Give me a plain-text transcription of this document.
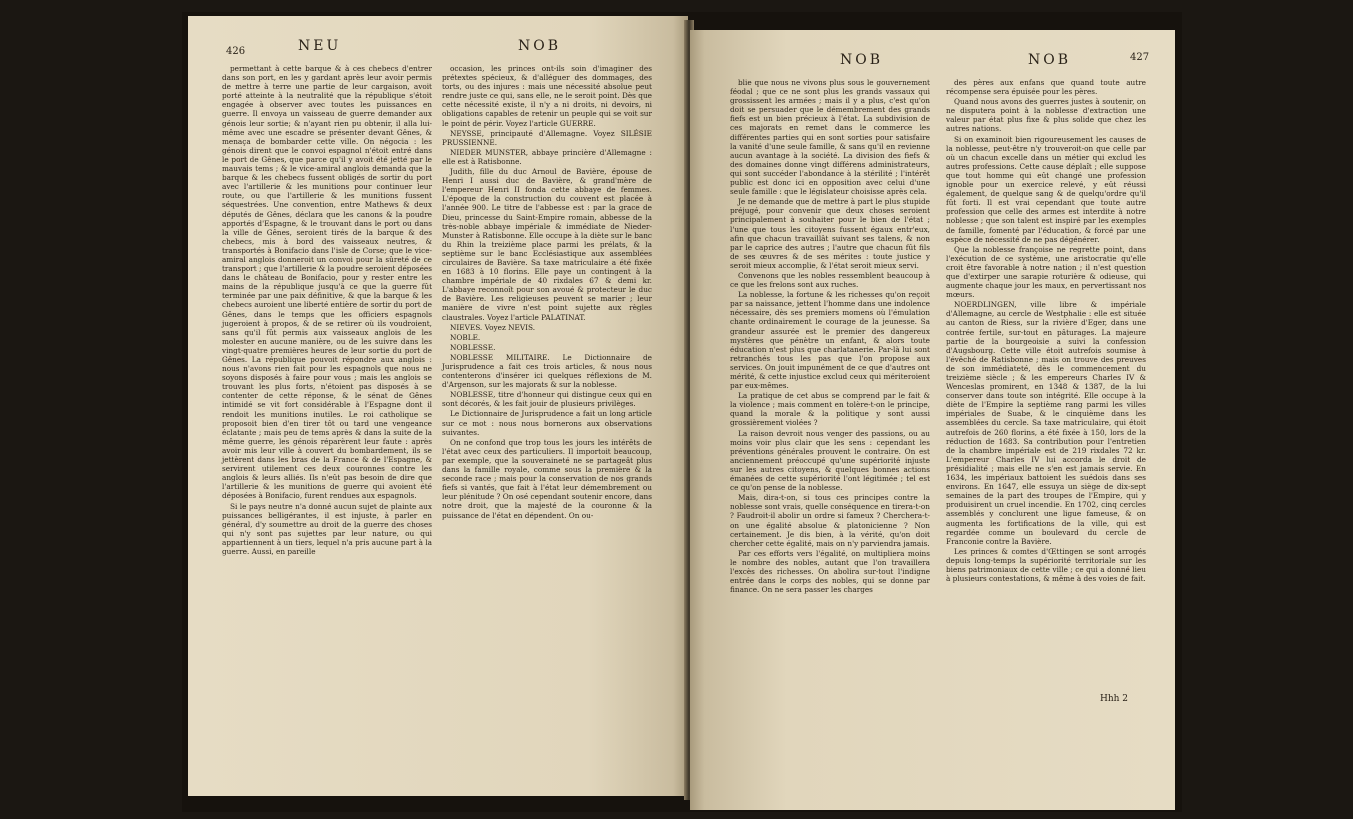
426	NEU	NOB

permettant à cette barque & à ces chebecs d'entrer dans son port, en les y gardant après leur avoir permis de mettre à terre une partie de leur cargaison, avoit porté atteinte à la neutralité que la république s'étoit engagée à observer avec toutes les puissances en guerre. Il envoya un vaisseau de guerre demander aux génois leur sortie; & n'ayant rien pu obtenir, il alla lui-même avec une escadre se présenter devant Gênes, & menaça de bombarder cette ville. On négocia : les génois dirent que le convoi espagnol n'étoit entré dans le port de Gênes, que parce qu'il y avoit été jetté par le mauvais tems ; & le vice-amiral anglois demanda que la barque & les chebecs fussent obligés de sortir du port avec l'artillerie & les munitions pour continuer leur route, ou que l'artillerie & les munitions fussent séquestrées. Une convention, entre Mathews & deux députés de Gênes, déclara que les canons & la poudre apportés d'Espagne, & le trouvant dans le port ou dans la ville de Gênes, seroient tirés de la barque & des chebecs, mis à bord des vaisseaux neutres, & transportés à Bonifacio dans l'isle de Corse; que le vice-amiral anglois donneroit un convoi pour la sûreté de ce transport ; que l'artillerie & la poudre seroient déposées dans le château de Bonifacio, pour y rester entre les mains de la république jusqu'à ce que la guerre fût terminée par une paix définitive, & que la barque & les chebecs auroient une liberté entière de sortir du port de Gênes, dans le temps que les officiers espagnols jugeroient à propos, & de se retirer où ils voudroient, sans qu'il fût permis aux vaisseaux anglois de les molester en aucune manière, ou de les suivre dans les vingt-quatre premières heures de leur sortie du port de Gênes. La république pouvoit répondre aux anglois : nous n'avons rien fait pour les espagnols que nous ne soyons disposés à faire pour vous ; mais les anglois se trouvant les plus forts, n'étoient pas disposés à se contenter de cette réponse, & le sénat de Gênes intimidé se vit fort considérable à l'Espagne dont il rendoit les munitions inutiles. Le roi catholique se proposoit bien d'en tirer tôt ou tard une vengeance éclatante ; mais peu de tems après & dans la suite de la même guerre, les génois réparèrent leur faute : après avoir mis leur ville à couvert du bombardement, ils se jettèrent dans les bras de la France & de l'Espagne, & servirent utilement ces deux couronnes contre les anglois & leurs alliés. Ils n'eût pas besoin de dire que l'artillerie & les munitions de guerre qui avoient été déposées à Bonifacio, furent rendues aux espagnols.

Si le pays neutre n'a donné aucun sujet de plainte aux puissances belligérantes, il est injuste, à parler en général, d'y soumettre au droit de la guerre des choses qui n'y sont pas sujettes par leur nature, ou qui appartiennent à un tiers, lequel n'a pris aucune part à la guerre. Aussi, en pareille

occasion, les princes ont-ils soin d'imaginer des prétextes spécieux, & d'alléguer des dommages, des torts, ou des injures : mais une nécessité absolue peut rendre juste ce qui, sans elle, ne le seroit point. Dès que cette nécessité existe, il n'y a ni droits, ni devoirs, ni obligations capables de retenir un peuple qui se voit sur le point de périr. Voyez l'article GUERRE.

NEYSSE, principauté d'Allemagne. Voyez SILÉSIE PRUSSIENNE.

NIEDER MUNSTER, abbaye princière d'Allemagne : elle est à Ratisbonne.

Judith, fille du duc Arnoul de Bavière, épouse de Henri I aussi duc de Bavière, & grand'mère de l'empereur Henri II fonda cette abbaye de femmes. L'époque de la construction du couvent est placée à l'année 900. Le titre de l'abbesse est : par la grace de Dieu, princesse du Saint-Empire romain, abbesse de la très-noble abbaye impériale & immédiate de Nieder-Munster à Ratisbonne. Elle occupe à la diète sur le banc du Rhin la treizième place parmi les prélats, & la septième sur le banc Ecclésiastique aux assemblées circulaires de Bavière. Sa taxe matriculaire a été fixée en 1683 à 10 florins. Elle paye un contingent à la chambre impériale de 40 rixdales 67 & demi kr. L'abbaye reconnoît pour son avoué & protecteur le duc de Bavière. Les religieuses peuvent se marier ; leur manière de vivre n'est point sujette aux règles claustrales. Voyez l'article PALATINAT.

NIEVES. Voyez NEVIS.

NOBLE.

NOBLESSE.

NOBLESSE MILITAIRE. Le Dictionnaire de Jurisprudence a fait ces trois articles, & nous nous contenterons d'insérer ici quelques réflexions de M. d'Argenson, sur les majorats & sur la noblesse.

NOBLESSE, titre d'honneur qui distingue ceux qui en sont décorés, & les fait jouir de plusieurs privilèges.

Le Dictionnaire de Jurisprudence a fait un long article sur ce mot : nous nous bornerons aux observations suivantes.

On ne confond que trop tous les jours les intérêts de l'état avec ceux des particuliers. Il importoit beaucoup, par exemple, que la souveraineté ne se partageât plus dans la famille royale, comme sous la première & la seconde race ; mais pour la conservation de nos grands fiefs si vantés, que fait à l'état leur démembrement ou leur plénitude ? On osé cependant soutenir encore, dans notre droit, que la majesté de la couronne & la puissance de l'état en dépendent. On ou-

NOB	NOB	427

blie que nous ne vivons plus sous le gouvernement féodal ; que ce ne sont plus les grands vassaux qui grossissent les armées ; mais il y a plus, c'est qu'on doit se persuader que le démembrement des grands fiefs est un bien précieux à l'état. La subdivision de ces majorats en remet dans le commerce les différentes parties qui en sont sorties pour satisfaire la vanité d'une seule famille, & sans qu'il en revienne aucun avantage à la société. La division des fiefs & des domaines donne vingt différens administrateurs, qui sont succéder l'abondance à la stérilité ; l'intérêt public est donc ici en opposition avec celui d'une seule famille : que le législateur choisisse après cela.

Je ne demande que de mettre à part le plus stupide préjugé, pour convenir que deux choses seroient principalement à souhaiter pour le bien de l'état ; l'une que tous les citoyens fussent égaux entr'eux, afin que chacun travaillât suivant ses talens, & non par le caprice des autres ; l'autre que chacun fût fils de ses œuvres & de ses mérites : toute justice y seroit mieux accomplie, & l'état seroit mieux servi.

Convenons que les nobles ressemblent beaucoup à ce que les frelons sont aux ruches.

La noblesse, la fortune & les richesses qu'on reçoit par sa naissance, jettent l'homme dans une indolence nécessaire, dès ses premiers momens où l'émulation chante ordinairement le courage de la jeunesse. Sa grandeur assurée est le premier des dangereux mystères que pénètre un enfant, & alors toute éducation n'est plus que charlatanerie. Par-là lui sont retranchés tous les pas que l'on propose aux services. On jouit impunément de ce que d'autres ont mérité, & cette injustice exclud ceux qui mériteroient par eux-mêmes.

La pratique de cet abus se comprend par le fait & la violence ; mais comment en tolère-t-on le principe, quand la morale & la politique y sont aussi grossièrement violées ?

La raison devroit nous venger des passions, ou au moins voir plus clair que les sens : cependant les préventions générales prouvent le contraire. On est anciennement préoccupé qu'une supériorité injuste sur les autres citoyens, & quelques bonnes actions émanées de cette supériorité l'ont légitimée ; tel est ce qu'on pense de la noblesse.

Mais, dira-t-on, si tous ces principes contre la noblesse sont vrais, quelle conséquence en tirera-t-on ? Faudroit-il abolir un ordre si fameux ? Cherchera-t-on une égalité absolue & platonicienne ? Non certainement. Je dis bien, à la vérité, qu'on doit chercher cette égalité, mais on n'y parviendra jamais.

Par ces efforts vers l'égalité, on multipliera moins le nombre des nobles, autant que l'on travaillera l'excès des richesses. On abolira sur-tout l'indigne entrée dans le corps des nobles, qui se donne par finance. On ne sera passer les charges

des pères aux enfans que quand toute autre récompense sera épuisée pour les pères.

Quand nous avons des guerres justes à soutenir, on ne disputera point à la noblesse d'extraction une valeur par état plus fixe & plus solide que chez les autres nations.

Si on examinoit bien rigoureusement les causes de la noblesse, peut-être n'y trouveroit-on que celle par où un chacun excelle dans un métier qui exclud les autres professions. Cette cause déplaît ; elle suppose que tout homme qui eût changé une profession ignoble pour un exercice relevé, y eût réussi également, de quelque sang & de quelqu'ordre qu'il fût forti. Il est vrai cependant que toute autre profession que celle des armes est interdite à notre noblesse ; que son talent est inspiré par les exemples de famille, fomenté par l'éducation, & forcé par une espèce de nécessité de ne pas dégénérer.

Que la noblesse françoise ne regrette point, dans l'exécution de ce système, une aristocratie qu'elle croit être favorable à notre nation ; il n'est question que d'extirper une sarapie roturière & odieuse, qui augmente chaque jour les maux, en pervertissant nos mœurs.

NOERDLINGEN, ville libre & impériale d'Allemagne, au cercle de Westphalie : elle est située au canton de Riess, sur la rivière d'Eger, dans une contrée fertile, sur-tout en pâturages. La majeure partie de la bourgeoisie a suivi la confession d'Augsbourg. Cette ville étoit autrefois soumise à l'évêché de Ratisbonne ; mais on trouve des preuves de son immédiateté, dès le commencement du treizième siècle ; & les empereurs Charles IV & Wenceslas promirent, en 1348 & 1387, de la lui conserver dans toute son intégrité. Elle occupe à la diète de l'Empire la septième rang parmi les villes impériales de Suabe, & le cinquième dans les assemblées du cercle. Sa taxe matriculaire, qui étoit autrefois de 260 florins, a été fixée à 150, lors de la réduction de 1683. Sa contribution pour l'entretien de la chambre impériale est de 219 rixdales 72 kr. L'empereur Charles IV lui accorda le droit de présidialité ; mais elle ne s'en est jamais servie. En 1634, les impériaux battoient les suédois dans ses environs. En 1647, elle essuya un siège de dix-sept semaines de la part des troupes de l'Empire, qui y produisirent un cruel incendie. En 1702, cinq cercles assemblés y conclurent une ligue fameuse, & on augmenta les fortifications de la ville, qui est regardée comme un boulevard du cercle de Franconie contre la Bavière.

Les princes & comtes d'Œttingen se sont arrogés depuis long-temps la supériorité territoriale sur les biens patrimoniaux de cette ville ; ce qui a donné lieu à plusieurs contestations, & même à des voies de fait.

Hhh 2
